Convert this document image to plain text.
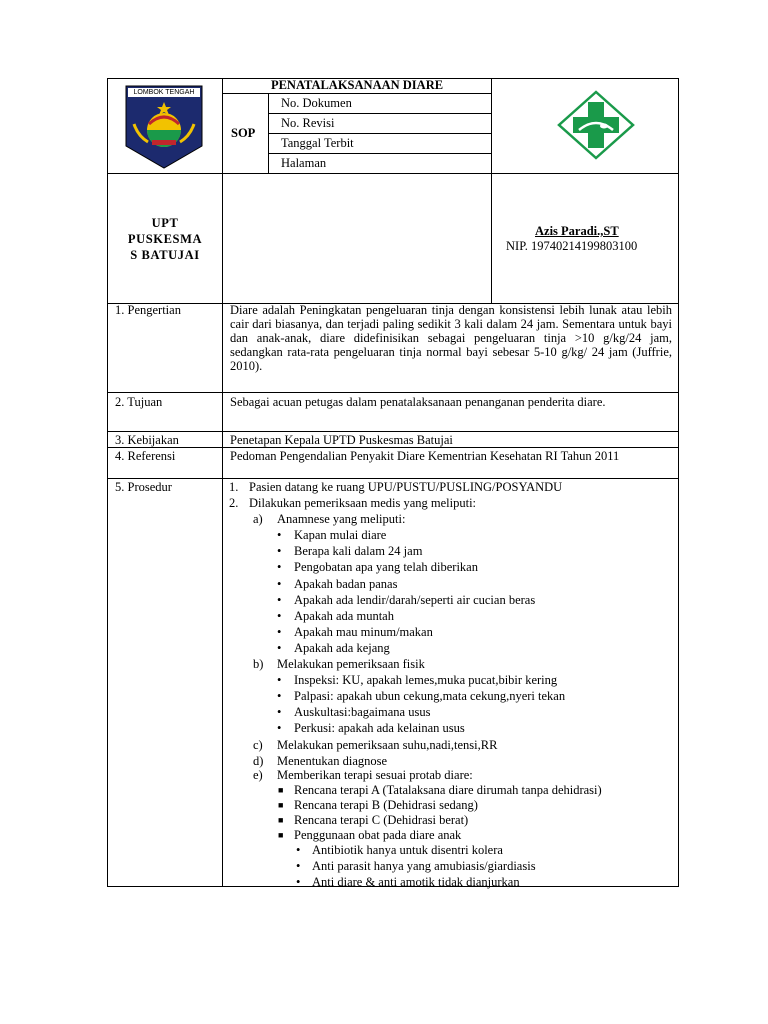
LOMBOK TENGAH
PENATALAKSANAAN DIARE
SOP
No. Dokumen
No. Revisi
Tanggal Terbit
Halaman
UPT
PUSKESMA
S BATUJAI
Azis Paradi.,ST
NIP. 19740214199803100
1. Pengertian	Diare adalah Peningkatan pengeluaran tinja dengan konsistensi lebih lunak atau lebih cair dari biasanya, dan terjadi paling sedikit 3 kali dalam 24 jam. Sementara untuk bayi dan anak-anak, diare didefinisikan sebagai pengeluaran tinja >10 g/kg/24 jam, sedangkan rata-rata pengeluaran tinja normal bayi sebesar 5-10 g/kg/ 24 jam (Juffrie, 2010).
2. Tujuan	Sebagai acuan petugas dalam penatalaksanaan penanganan penderita diare.
3. Kebijakan	Penetapan Kepala UPTD Puskesmas Batujai
4. Referensi	Pedoman Pengendalian Penyakit Diare Kementrian Kesehatan RI Tahun 2011
5. Prosedur	1. Pasien datang ke ruang UPU/PUSTU/PUSLING/POSYANDU
2. Dilakukan pemeriksaan medis yang meliputi:
a) Anamnese yang meliputi:
• Kapan mulai diare
• Berapa kali dalam 24 jam
• Pengobatan apa yang telah diberikan
• Apakah badan panas
• Apakah ada lendir/darah/seperti air cucian beras
• Apakah ada muntah
• Apakah mau minum/makan
• Apakah ada kejang
b) Melakukan pemeriksaan fisik
• Inspeksi: KU, apakah lemes,muka pucat,bibir kering
• Palpasi: apakah ubun cekung,mata cekung,nyeri tekan
• Auskultasi:bagaimana usus
• Perkusi: apakah ada kelainan usus
c) Melakukan pemeriksaan suhu,nadi,tensi,RR
d) Menentukan diagnose
e) Memberikan terapi sesuai protab diare:
■ Rencana terapi A (Tatalaksana diare dirumah tanpa dehidrasi)
■ Rencana terapi B (Dehidrasi sedang)
■ Rencana terapi C (Dehidrasi berat)
■ Penggunaan obat pada diare anak
• Antibiotik hanya untuk disentri kolera
• Anti parasit hanya yang amubiasis/giardiasis
• Anti diare & anti amotik tidak dianjurkan
